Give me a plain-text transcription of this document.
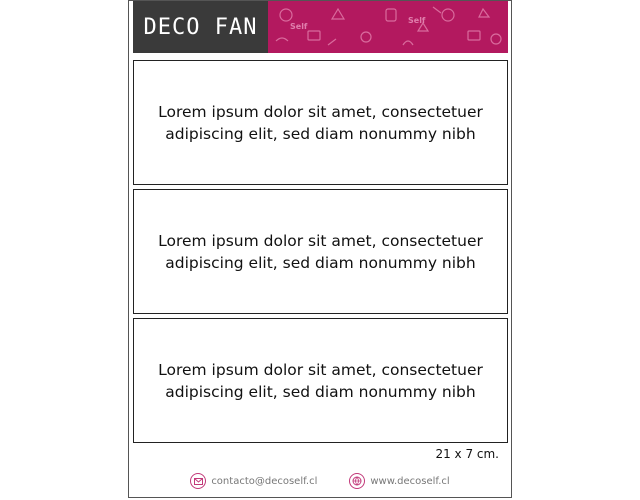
DECO FAN	Self
Self
Lorem ipsum dolor sit amet, consectetuer adipiscing elit, sed diam nonummy nibh
Lorem ipsum dolor sit amet, consectetuer adipiscing elit, sed diam nonummy nibh
Lorem ipsum dolor sit amet, consectetuer adipiscing elit, sed diam nonummy nibh
21 x 7 cm.
contacto@decoself.cl	www.decoself.cl
